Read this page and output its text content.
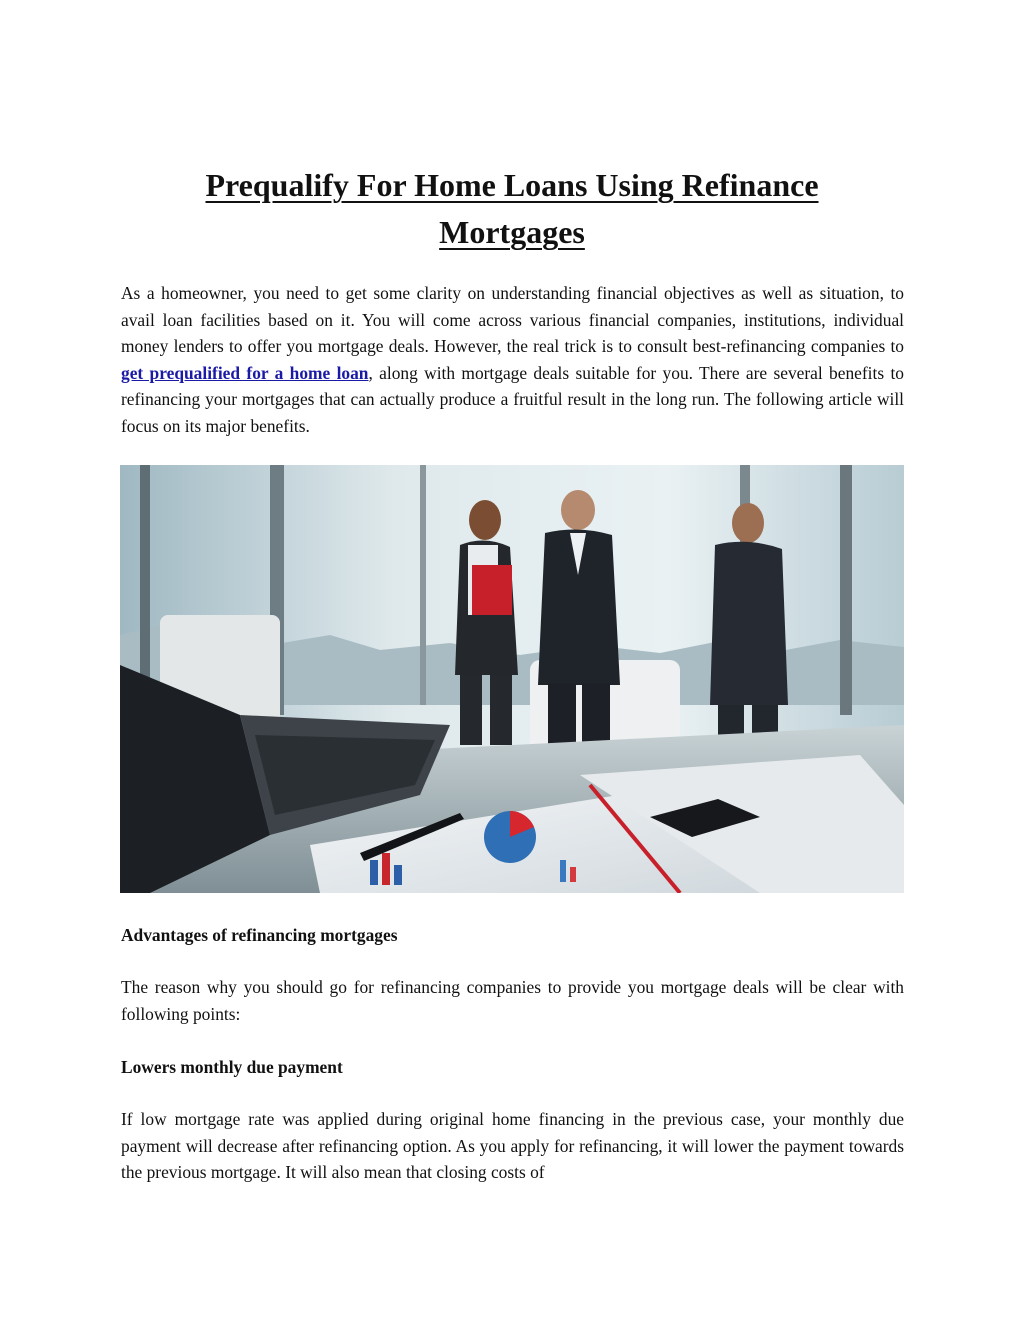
Prequalify For Home Loans Using Refinance Mortgages

As a homeowner, you need to get some clarity on understanding financial objectives as well as situation, to avail loan facilities based on it. You will come across various financial companies, institutions, individual money lenders to offer you mortgage deals. However, the real trick is to consult best-refinancing companies to get prequalified for a home loan, along with mortgage deals suitable for you. There are several benefits to refinancing your mortgages that can actually produce a fruitful result in the long run. The following article will focus on its major benefits.

Advantages of refinancing mortgages

The reason why you should go for refinancing companies to provide you mortgage deals will be clear with following points:

Lowers monthly due payment

If low mortgage rate was applied during original home financing in the previous case, your monthly due payment will decrease after refinancing option. As you apply for refinancing, it will lower the payment towards the previous mortgage. It will also mean that closing costs of
